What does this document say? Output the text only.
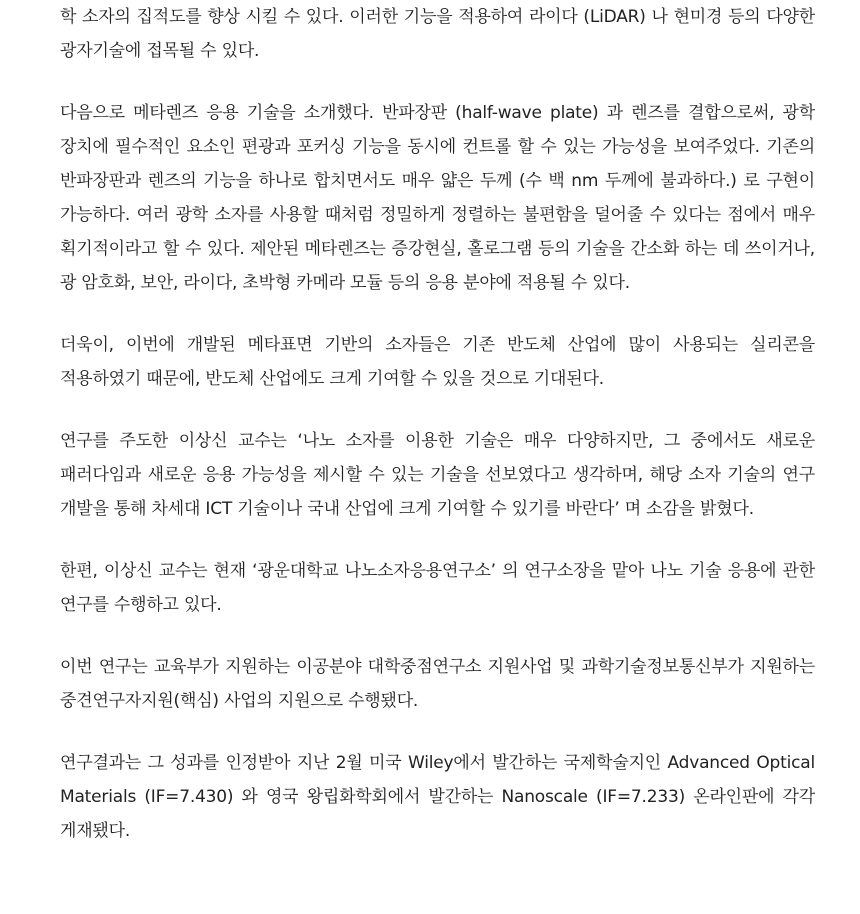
학 소자의 집적도를 향상 시킬 수 있다. 이러한 기능을 적용하여 라이다 (LiDAR) 나 현미경 등의 다양한 광자기술에 접목될 수 있다.

다음으로 메타렌즈 응용 기술을 소개했다. 반파장판 (half-wave plate) 과 렌즈를 결합으로써, 광학 장치에 필수적인 요소인 편광과 포커싱 기능을 동시에 컨트롤 할 수 있는 가능성을 보여주었다. 기존의 반파장판과 렌즈의 기능을 하나로 합치면서도 매우 얇은 두께 (수 백 nm 두께에 불과하다.) 로 구현이 가능하다. 여러 광학 소자를 사용할 때처럼 정밀하게 정렬하는 불편함을 덜어줄 수 있다는 점에서 매우 획기적이라고 할 수 있다. 제안된 메타렌즈는 증강현실, 홀로그램 등의 기술을 간소화 하는 데 쓰이거나, 광 암호화, 보안, 라이다, 초박형 카메라 모듈 등의 응용 분야에 적용될 수 있다.

더욱이, 이번에 개발된 메타표면 기반의 소자들은 기존 반도체 산업에 많이 사용되는 실리콘을 적용하였기 때문에, 반도체 산업에도 크게 기여할 수 있을 것으로 기대된다.

연구를 주도한 이상신 교수는 ‘나노 소자를 이용한 기술은 매우 다양하지만, 그 중에서도 새로운 패러다임과 새로운 응용 가능성을 제시할 수 있는 기술을 선보였다고 생각하며, 해당 소자 기술의 연구 개발을 통해 차세대 ICT 기술이나 국내 산업에 크게 기여할 수 있기를 바란다’ 며 소감을 밝혔다.

한편, 이상신 교수는 현재 ‘광운대학교 나노소자응용연구소’ 의 연구소장을 맡아 나노 기술 응용에 관한 연구를 수행하고 있다.

이번 연구는 교육부가 지원하는 이공분야 대학중점연구소 지원사업 및 과학기술정보통신부가 지원하는 중견연구자지원(핵심) 사업의 지원으로 수행됐다.

연구결과는 그 성과를 인정받아 지난 2월 미국 Wiley에서 발간하는 국제학술지인 Advanced Optical Materials (IF=7.430) 와 영국 왕립화학회에서 발간하는 Nanoscale (IF=7.233) 온라인판에 각각 게재됐다.
